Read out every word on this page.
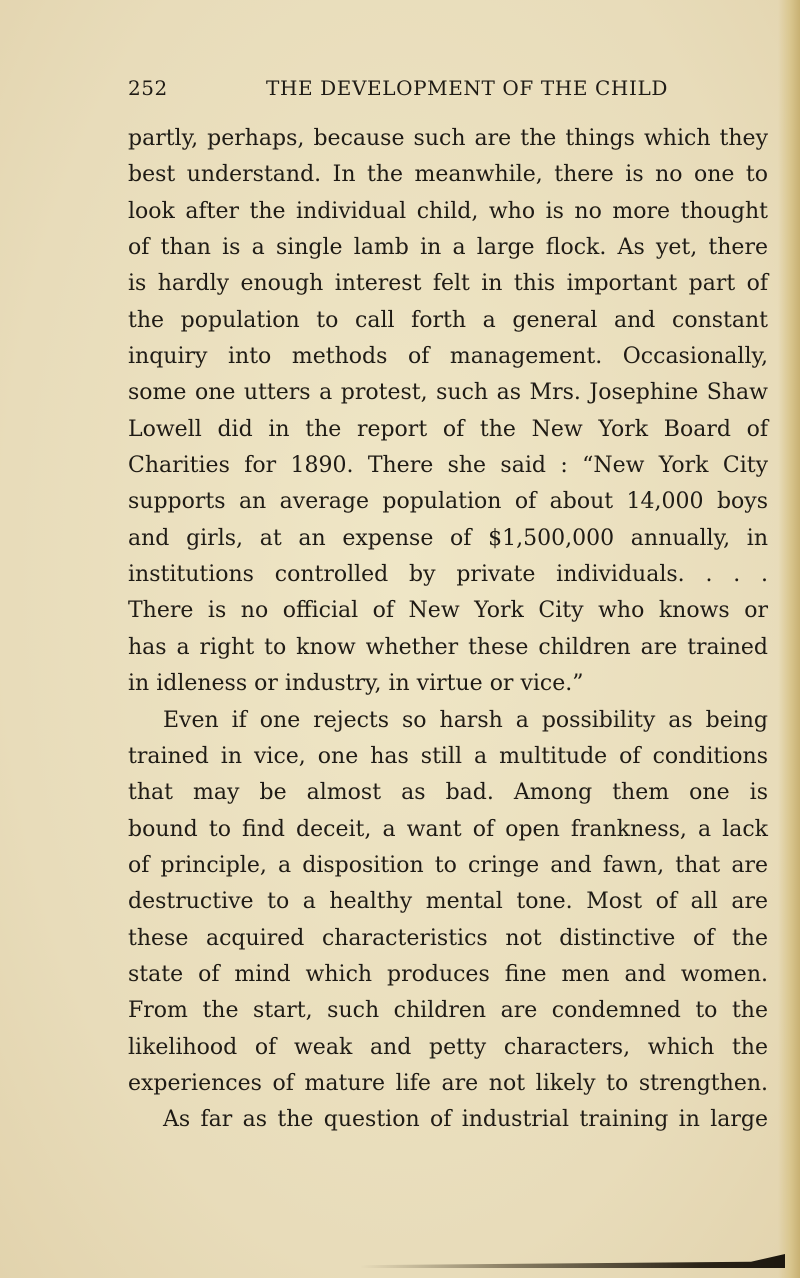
252	THE DEVELOPMENT OF THE CHILD
partly, perhaps, because such are the things which they
best understand. In the meanwhile, there is no one to
look after the individual child, who is no more thought
of than is a single lamb in a large flock. As yet, there
is hardly enough interest felt in this important part of
the population to call forth a general and constant
inquiry into methods of management. Occasionally,
some one utters a protest, such as Mrs. Josephine Shaw
Lowell did in the report of the New York Board of
Charities for 1890. There she said : “New York City
supports an average population of about 14,000 boys
and girls, at an expense of $1,500,000 annually, in
institutions controlled by private individuals. . . .
There is no official of New York City who knows or
has a right to know whether these children are trained
in idleness or industry, in virtue or vice.”
Even if one rejects so harsh a possibility as being
trained in vice, one has still a multitude of conditions
that may be almost as bad. Among them one is
bound to find deceit, a want of open frankness, a lack
of principle, a disposition to cringe and fawn, that are
destructive to a healthy mental tone. Most of all are
these acquired characteristics not distinctive of the
state of mind which produces fine men and women.
From the start, such children are condemned to the
likelihood of weak and petty characters, which the
experiences of mature life are not likely to strengthen.
As far as the question of industrial training in large
